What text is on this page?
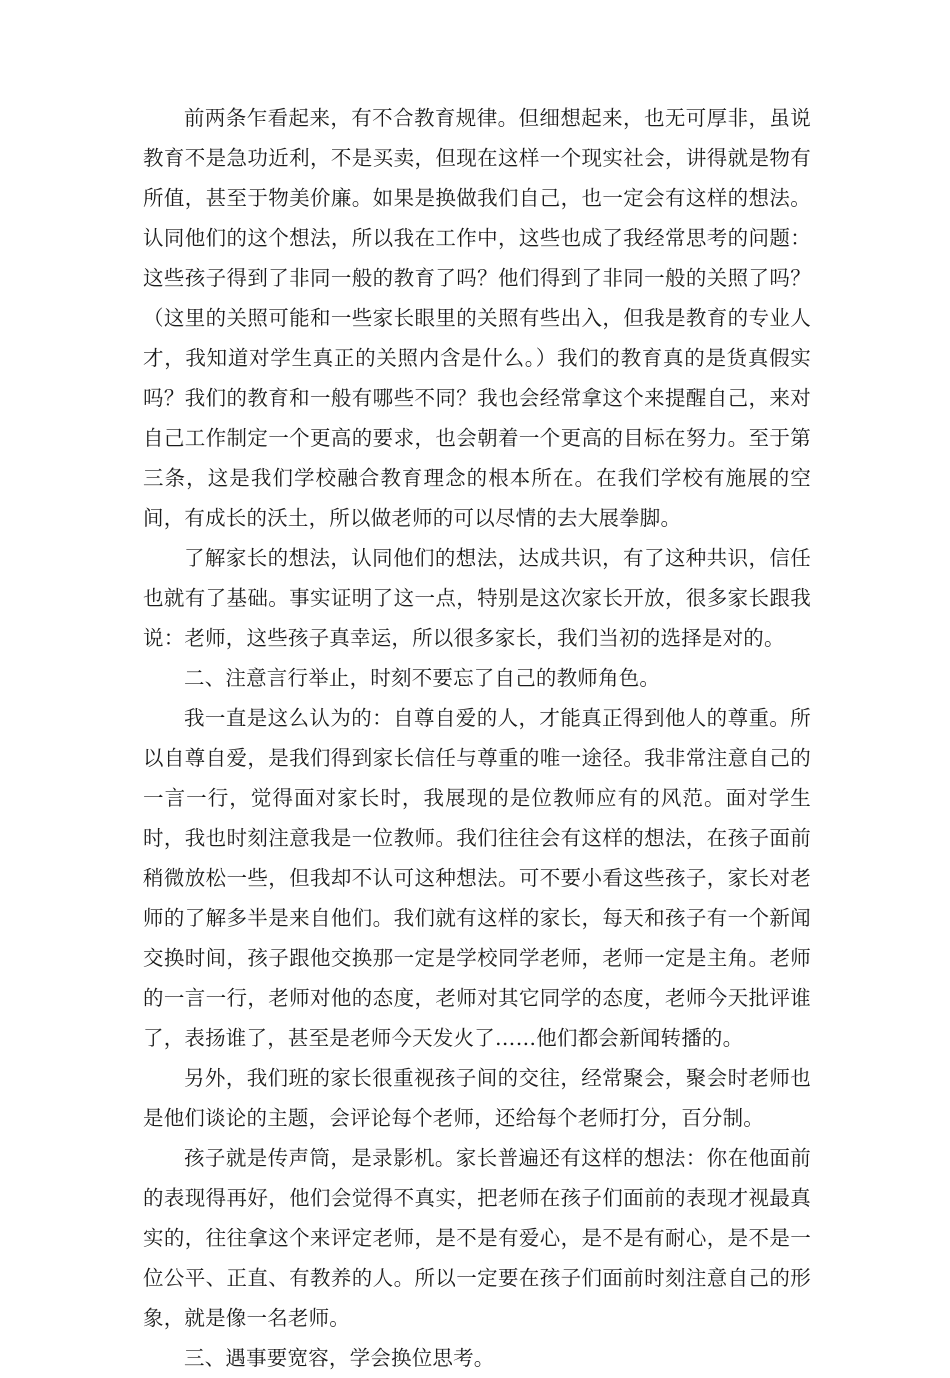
前两条乍看起来，有不合教育规律。但细想起来，也无可厚非，虽说教育不是急功近利，不是买卖，但现在这样一个现实社会，讲得就是物有所值，甚至于物美价廉。如果是换做我们自己，也一定会有这样的想法。认同他们的这个想法，所以我在工作中，这些也成了我经常思考的问题：这些孩子得到了非同一般的教育了吗？他们得到了非同一般的关照了吗？（这里的关照可能和一些家长眼里的关照有些出入，但我是教育的专业人才，我知道对学生真正的关照内含是什么。）我们的教育真的是货真假实吗？我们的教育和一般有哪些不同？我也会经常拿这个来提醒自己，来对自己工作制定一个更高的要求，也会朝着一个更高的目标在努力。至于第三条，这是我们学校融合教育理念的根本所在。在我们学校有施展的空间，有成长的沃土，所以做老师的可以尽情的去大展拳脚。

了解家长的想法，认同他们的想法，达成共识，有了这种共识，信任也就有了基础。事实证明了这一点，特别是这次家长开放，很多家长跟我说：老师，这些孩子真幸运，所以很多家长，我们当初的选择是对的。

二、注意言行举止，时刻不要忘了自己的教师角色。

我一直是这么认为的：自尊自爱的人，才能真正得到他人的尊重。所以自尊自爱，是我们得到家长信任与尊重的唯一途径。我非常注意自己的一言一行，觉得面对家长时，我展现的是位教师应有的风范。面对学生时，我也时刻注意我是一位教师。我们往往会有这样的想法，在孩子面前稍微放松一些，但我却不认可这种想法。可不要小看这些孩子，家长对老师的了解多半是来自他们。我们就有这样的家长，每天和孩子有一个新闻交换时间，孩子跟他交换那一定是学校同学老师，老师一定是主角。老师的一言一行，老师对他的态度，老师对其它同学的态度，老师今天批评谁了，表扬谁了，甚至是老师今天发火了……他们都会新闻转播的。

另外，我们班的家长很重视孩子间的交往，经常聚会，聚会时老师也是他们谈论的主题，会评论每个老师，还给每个老师打分，百分制。

孩子就是传声筒，是录影机。家长普遍还有这样的想法：你在他面前的表现得再好，他们会觉得不真实，把老师在孩子们面前的表现才视最真实的，往往拿这个来评定老师，是不是有爱心，是不是有耐心，是不是一位公平、正直、有教养的人。所以一定要在孩子们面前时刻注意自己的形象，就是像一名老师。

三、遇事要宽容，学会换位思考。
